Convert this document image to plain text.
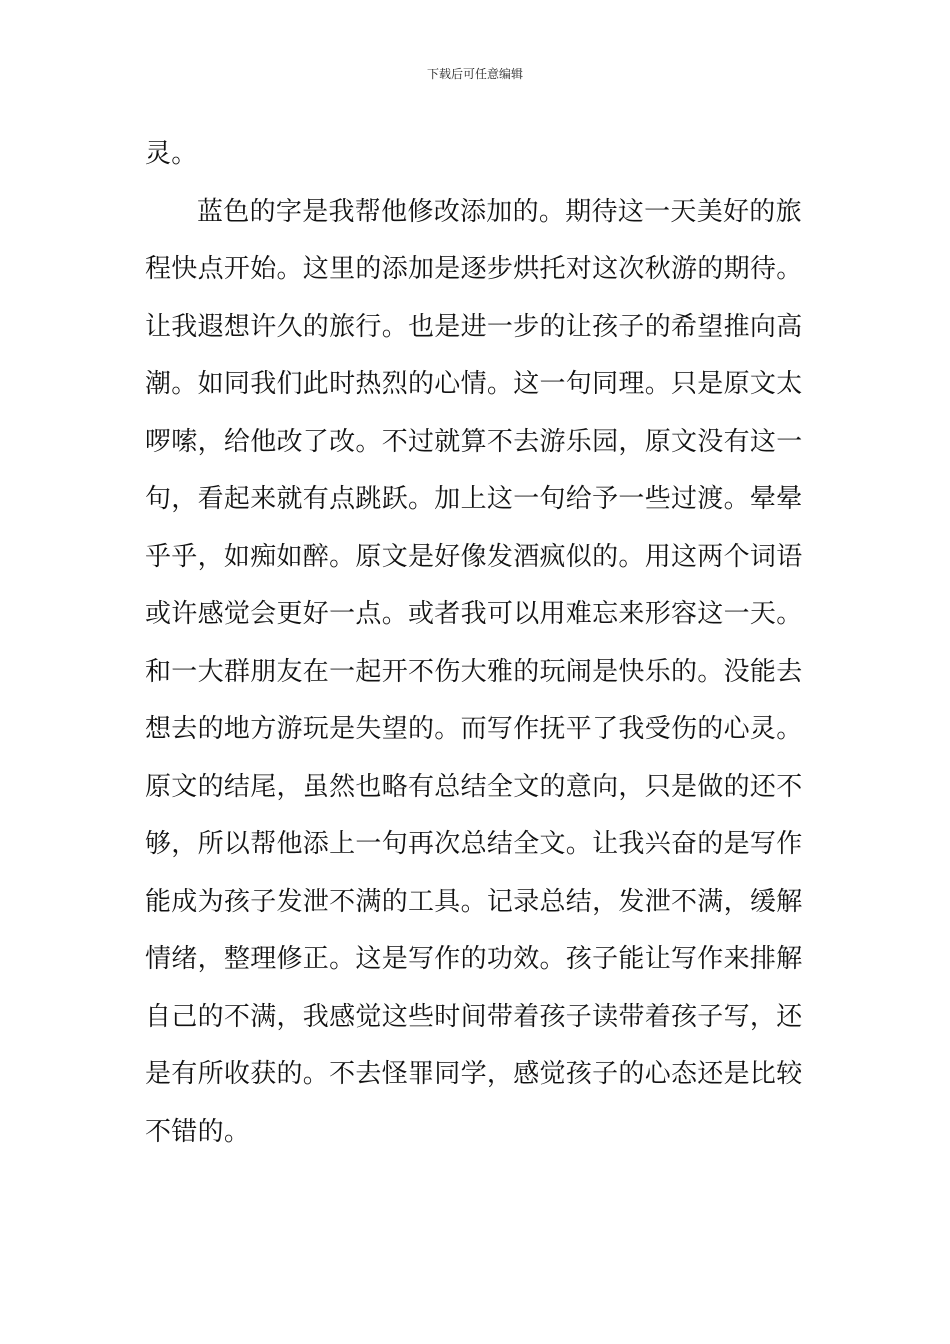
下载后可任意编辑
灵。
蓝色的字是我帮他修改添加的。期待这一天美好的旅
程快点开始。这里的添加是逐步烘托对这次秋游的期待。
让我遐想许久的旅行。也是进一步的让孩子的希望推向高
潮。如同我们此时热烈的心情。这一句同理。只是原文太
啰嗦，给他改了改。不过就算不去游乐园，原文没有这一
句，看起来就有点跳跃。加上这一句给予一些过渡。晕晕
乎乎，如痴如醉。原文是好像发酒疯似的。用这两个词语
或许感觉会更好一点。或者我可以用难忘来形容这一天。
和一大群朋友在一起开不伤大雅的玩闹是快乐的。没能去
想去的地方游玩是失望的。而写作抚平了我受伤的心灵。
原文的结尾，虽然也略有总结全文的意向，只是做的还不
够，所以帮他添上一句再次总结全文。让我兴奋的是写作
能成为孩子发泄不满的工具。记录总结，发泄不满，缓解
情绪，整理修正。这是写作的功效。孩子能让写作来排解
自己的不满，我感觉这些时间带着孩子读带着孩子写，还
是有所收获的。不去怪罪同学，感觉孩子的心态还是比较
不错的。
